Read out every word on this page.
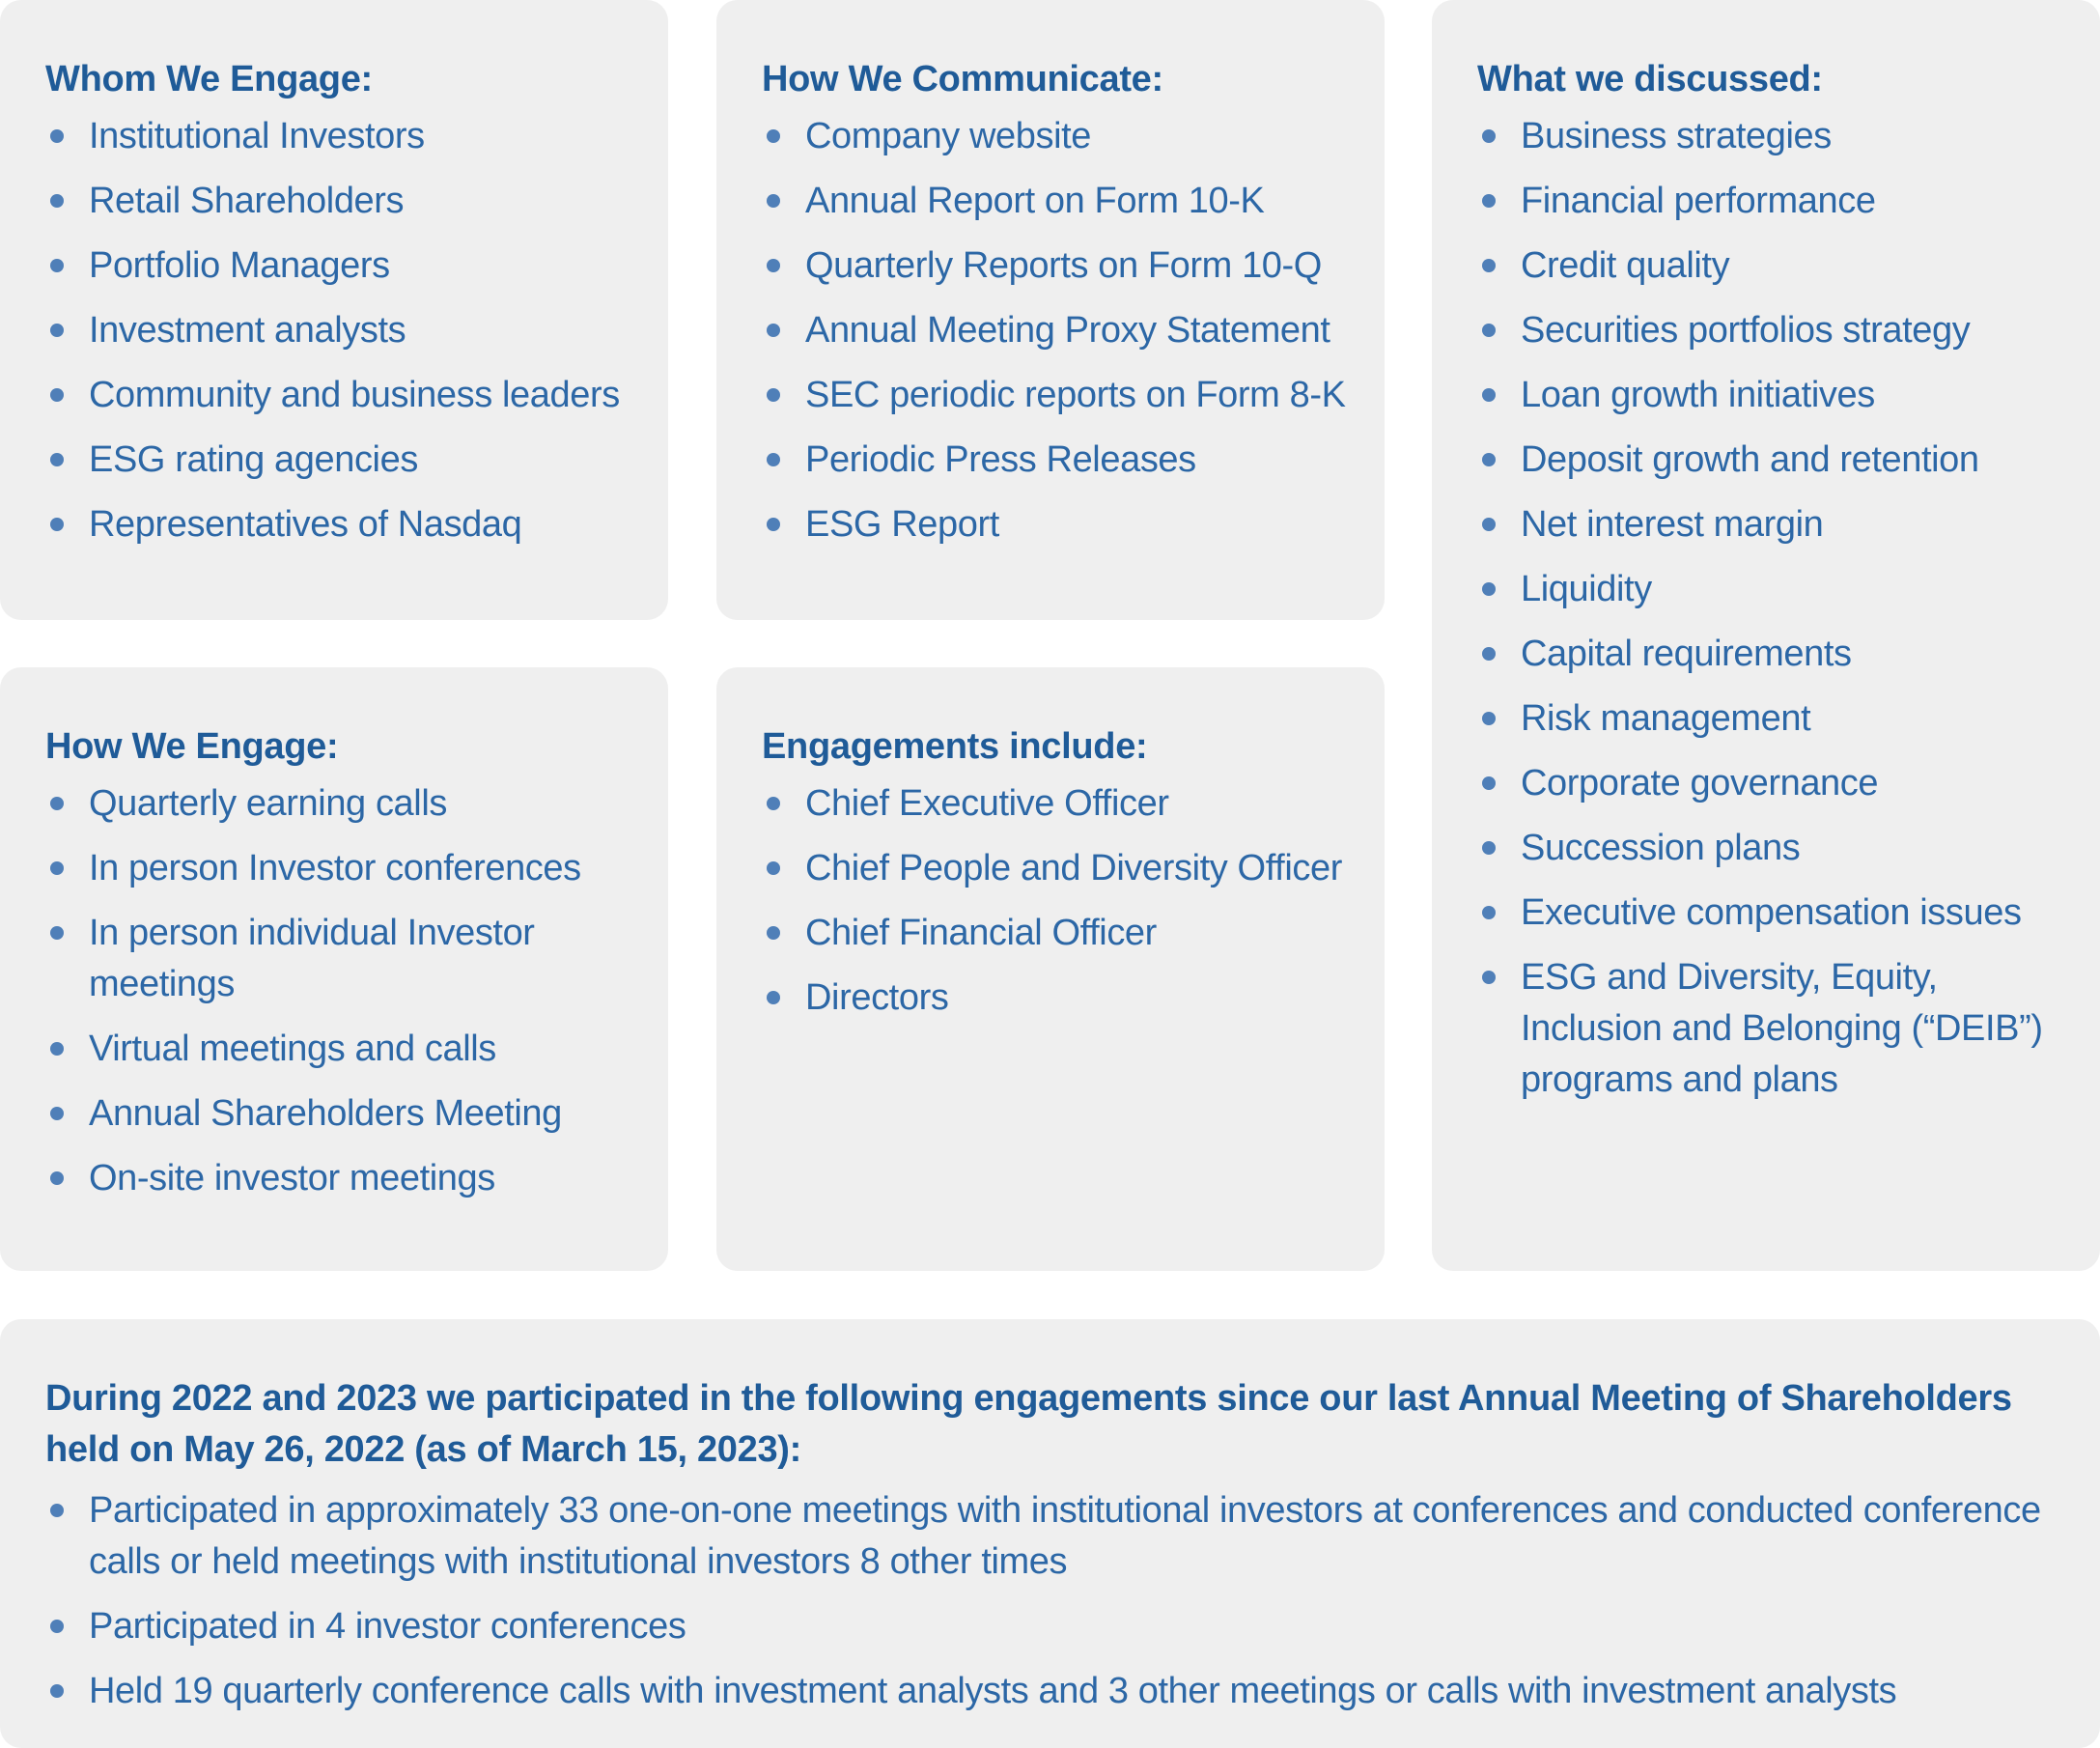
Whom We Engage:
Institutional Investors
Retail Shareholders
Portfolio Managers
Investment analysts
Community and business leaders
ESG rating agencies
Representatives of Nasdaq
How We Communicate:
Company website
Annual Report on Form 10-K
Quarterly Reports on Form 10-Q
Annual Meeting Proxy Statement
SEC periodic reports on Form 8-K
Periodic Press Releases
ESG Report
What we discussed:
Business strategies
Financial performance
Credit quality
Securities portfolios strategy
Loan growth initiatives
Deposit growth and retention
Net interest margin
Liquidity
Capital requirements
Risk management
Corporate governance
Succession plans
Executive compensation issues
ESG and Diversity, Equity, Inclusion and Belonging (“DEIB”) programs and plans
How We Engage:
Quarterly earning calls
In person Investor conferences
In person individual Investor meetings
Virtual meetings and calls
Annual Shareholders Meeting
On-site investor meetings
Engagements include:
Chief Executive Officer
Chief People and Diversity Officer
Chief Financial Officer
Directors
During 2022 and 2023 we participated in the following engagements since our last Annual Meeting of Shareholders held on May 26, 2022 (as of March 15, 2023):
Participated in approximately 33 one-on-one meetings with institutional investors at conferences and conducted conference calls or held meetings with institutional investors 8 other times
Participated in 4 investor conferences
Held 19 quarterly conference calls with investment analysts and 3 other meetings or calls with investment analysts
